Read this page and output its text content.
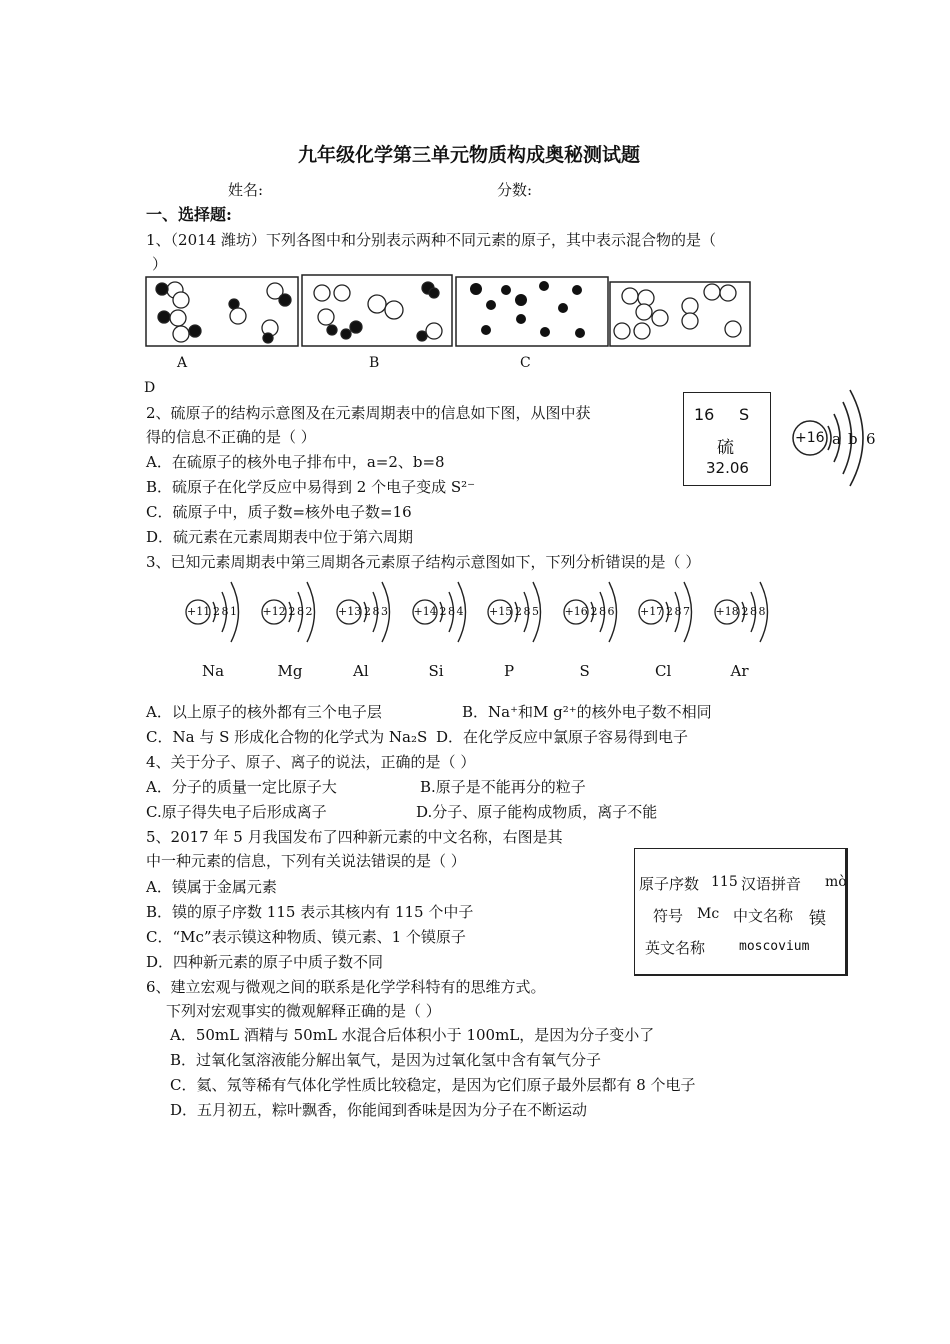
九年级化学第三单元物质构成奥秘测试题
姓名:	分数:
一、选择题:
1、（2014 潍坊）下列各图中和分别表示两种不同元素的原子，其中表示混合物的是（
）
A	B	C
D
2、硫原子的结构示意图及在元素周期表中的信息如下图，从图中获
得的信息不正确的是（ ）
A．在硫原子的核外电子排布中，a=2、b=8
B．硫原子在化学反应中易得到 2 个电子变成 S²⁻
C．硫原子中，质子数=核外电子数=16
D．硫元素在元素周期表中位于第六周期
16 S
硫
32.06
+16 a b 6
3、已知元素周期表中第三周期各元素原子结构示意图如下，下列分析错误的是（ ）
+11 2 8 1
Na
+12 2 8 2
Mg
+13 2 8 3
Al
+14 2 8 4
Si
+15 2 8 5
P
+16 2 8 6
S
+17 2 8 7
Cl
+18 2 8 8
Ar
A．以上原子的核外都有三个电子层	B．Na⁺和M g²⁺的核外电子数不相同
C．Na 与 S 形成化合物的化学式为 Na₂S D．在化学反应中氯原子容易得到电子
4、关于分子、原子、离子的说法，正确的是（ ）
A．分子的质量一定比原子大	B.原子是不能再分的粒子
C.原子得失电子后形成离子	D.分子、原子能构成物质，离子不能
5、2017 年 5 月我国发布了四种新元素的中文名称，右图是其
中一种元素的信息，下列有关说法错误的是（ ）
A．镆属于金属元素
B．镆的原子序数 115 表示其核内有 115 个中子
C．“Mc”表示镆这种物质、镆元素、1 个镆原子
D．四种新元素的原子中质子数不同
原子序数 115 汉语拼音 mò
符号 Mc 中文名称 镆
英文名称	moscovium
6、建立宏观与微观之间的联系是化学学科特有的思维方式。
下列对宏观事实的微观解释正确的是（ ）
A．50mL 酒精与 50mL 水混合后体积小于 100mL，是因为分子变小了
B．过氧化氢溶液能分解出氧气，是因为过氧化氢中含有氧气分子
C．氦、氖等稀有气体化学性质比较稳定，是因为它们原子最外层都有 8 个电子
D．五月初五，粽叶飘香，你能闻到香味是因为分子在不断运动
